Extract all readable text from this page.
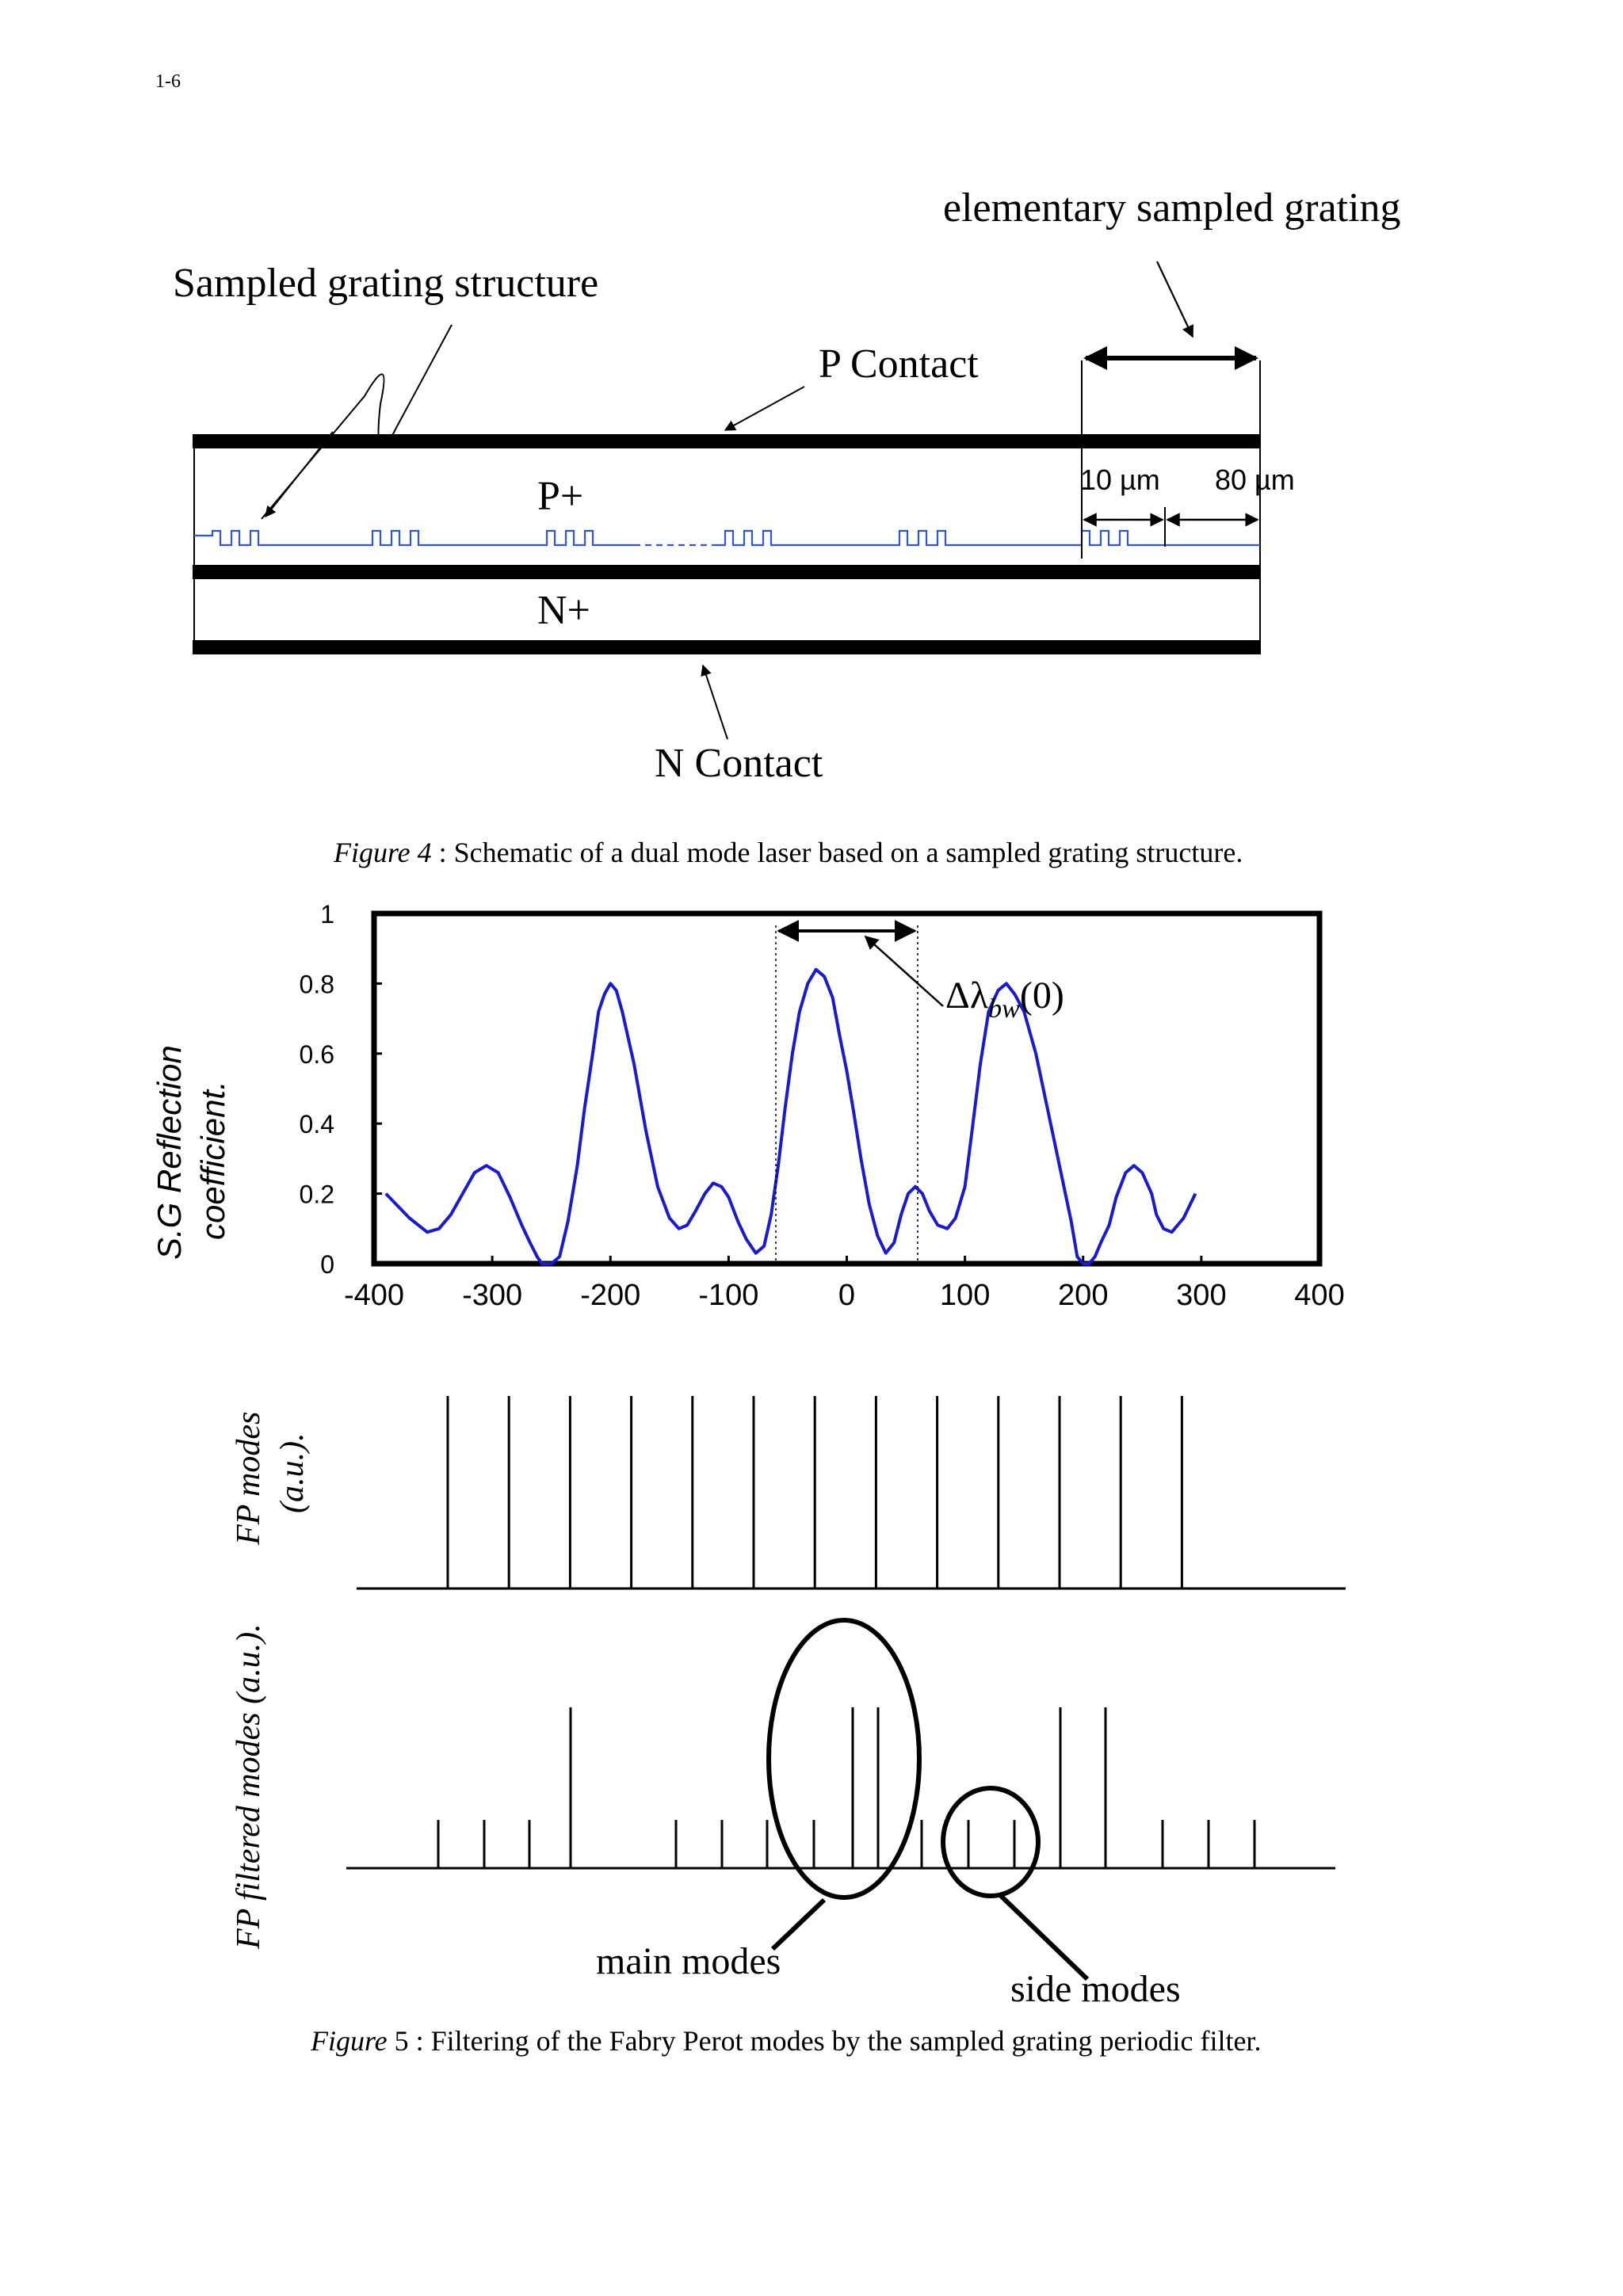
1-6
elementary sampled grating
Sampled grating structure
P Contact
P+
N+
N Contact
10 µm 80 µm
Figure 4 : Schematic of a dual mode laser based on a sampled grating structure.
0
0.2
0.4
0.6
0.8
1
-400 -300 -200 -100	0	100 200 300 400
$\Delta\lambda_{bw}(0)$
S.G Reflection coefficient.
FP modes (a.u.).
FP filtered modes (a.u.).
main modes
side modes
Figure 5 : Filtering of the Fabry Perot modes by the sampled grating periodic filter.
